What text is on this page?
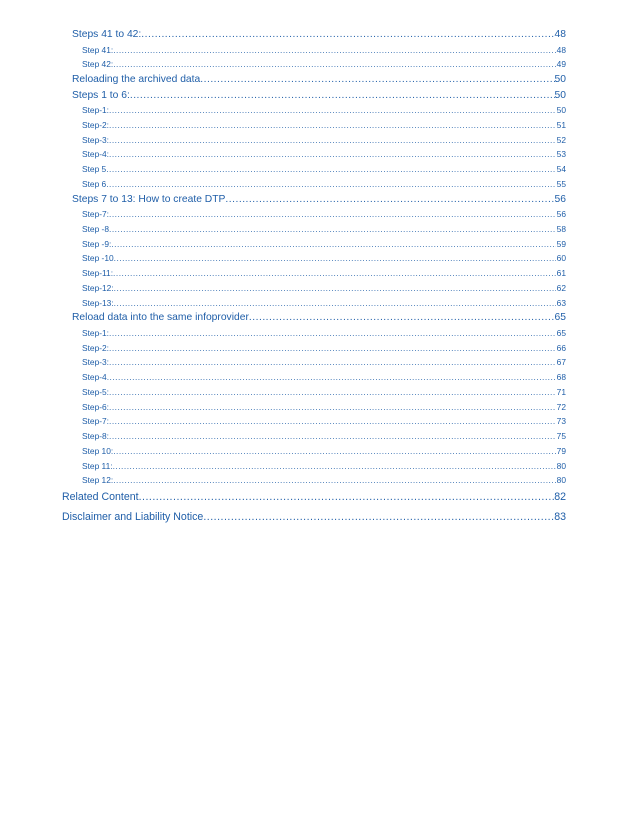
Steps 41 to 42: .....	48
Step 41: .....	48
Step 42: .....	49
Reloading the archived data .....	50
Steps 1 to 6: .....	50
Step-1: .....	50
Step-2: .....	51
Step-3: .....	52
Step-4: .....	53
Step 5 .....	54
Step 6 .....	55
Steps 7 to 13: How to create DTP .....	56
Step-7: .....	56
Step -8 .....	58
Step -9: .....	59
Step -10 .....	60
Step-11: .....	61
Step-12: .....	62
Step-13: .....	63
Reload data into the same infoprovider .....	65
Step-1: .....	65
Step-2: .....	66
Step-3: .....	67
Step-4 .....	68
Step-5: .....	71
Step-6: .....	72
Step-7: .....	73
Step-8: .....	75
Step 10: .....	79
Step 11: .....	80
Step 12: .....	80
Related Content .....	82
Disclaimer and Liability Notice .....	83
